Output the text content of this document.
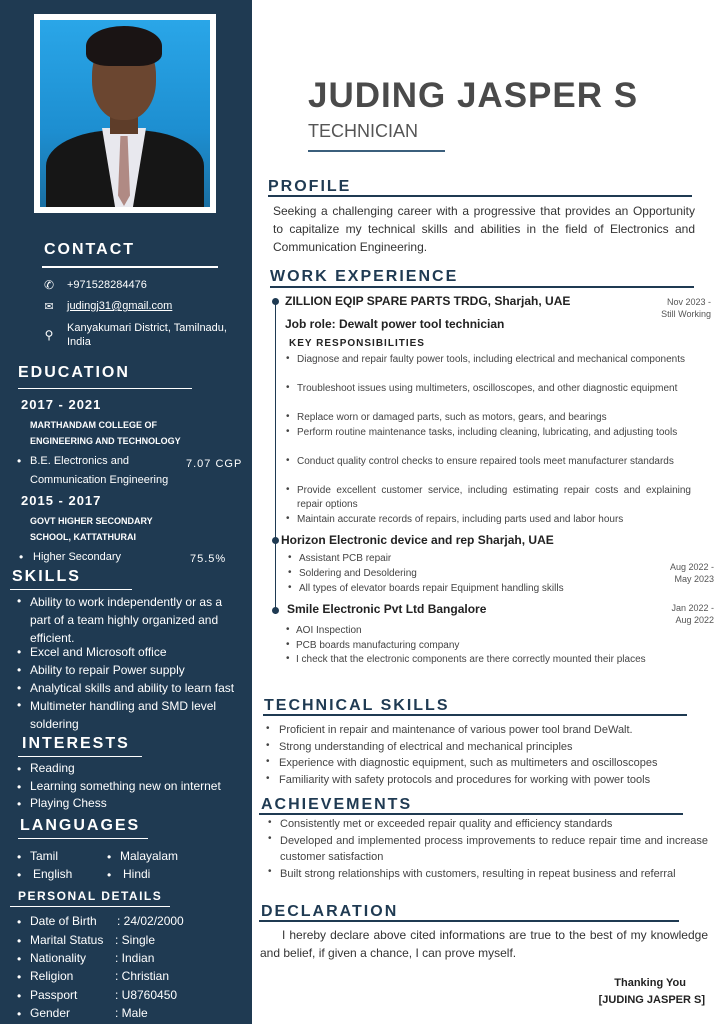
CONTACT
✆ +971528284476
✉ judingj31@gmail.com
⚲ Kanyakumari District, Tamilnadu,
India
EDUCATION
2017 - 2021
MARTHANDAM COLLEGE OF
ENGINEERING AND TECHNOLOGY
• B.E. Electronics and
Communication Engineering
7.07 CGP
2015 - 2017
GOVT HIGHER SECONDARY
SCHOOL, KATTATHURAI
• Higher Secondary	75.5%
SKILLS
• Ability to work independently or as a
part of a team highly organized and
efficient.
• Excel and Microsoft office
• Ability to repair Power supply
• Analytical skills and ability to learn fast
• Multimeter handling and SMD level
soldering
INTERESTS
• Reading
• Learning something new on internet
• Playing Chess
LANGUAGES
• Tamil	• Malayalam
• English	• Hindi
PERSONAL DETAILS
• Date of Birth : 24/02/2000
• Marital Status : Single
• Nationality : Indian
• Religion	: Christian
• Passport	: U8760450
• Gender	: Male
JUDING JASPER S
TECHNICIAN
PROFILE
Seeking a challenging career with a progressive that provides an Opportunity to capitalize my technical skills and abilities in the field of Electronics and Communication Engineering.
WORK EXPERIENCE
ZILLION EQIP SPARE PARTS TRDG, Sharjah, UAE	Nov 2023 -
Still Working
Job role: Dewalt power tool technician
KEY RESPONSIBILITIES
• Diagnose and repair faulty power tools, including electrical and mechanical components
• Troubleshoot issues using multimeters, oscilloscopes, and other diagnostic equipment
• Replace worn or damaged parts, such as motors, gears, and bearings
• Perform routine maintenance tasks, including cleaning, lubricating, and adjusting tools
• Conduct quality control checks to ensure repaired tools meet manufacturer standards
• Provide excellent customer service, including estimating repair costs and explaining repair options
• Maintain accurate records of repairs, including parts used and labor hours
Horizon Electronic device and rep Sharjah, UAE
Aug 2022 -
May 2023
• Assistant PCB repair
• Soldering and Desoldering
• All types of elevator boards repair Equipment handling skills
Smile Electronic Pvt Ltd Bangalore	Jan 2022 -
Aug 2022
• AOI Inspection
• PCB boards manufacturing company
• I check that the electronic components are there correctly mounted their places
TECHNICAL SKILLS
• Proficient in repair and maintenance of various power tool brand DeWalt.
• Strong understanding of electrical and mechanical principles
• Experience with diagnostic equipment, such as multimeters and oscilloscopes
• Familiarity with safety protocols and procedures for working with power tools
ACHIEVEMENTS
• Consistently met or exceeded repair quality and efficiency standards
• Developed and implemented process improvements to reduce repair time and increase customer satisfaction
• Built strong relationships with customers, resulting in repeat business and referral
DECLARATION
I hereby declare above cited informations are true to the best of my knowledge and belief, if given a chance, I can prove myself.
Thanking You
[JUDING JASPER S]
